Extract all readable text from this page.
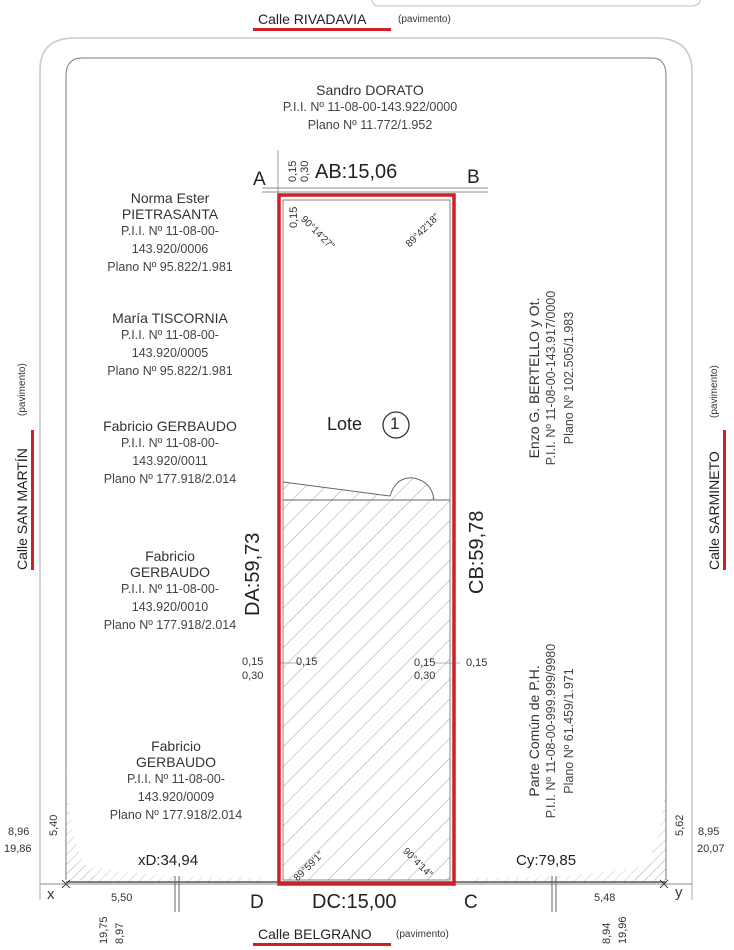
Calle RIVADAVIA	(pavimento)
Calle BELGRANO (pavimento)
Calle SAN MARTÍN
(pavimento)
Calle SARMINETO
(pavimento)
Sandro DORATO
P.I.I. Nº 11-08-00-143.922/0000
Plano Nº 11.772/1.952
Norma Ester
PIETRASANTA
P.I.I. Nº 11-08-00-
143.920/0006
Plano Nº 95.822/1.981
María TISCORNIA
P.I.I. Nº 11-08-00-
143.920/0005
Plano Nº 95.822/1.981
Fabricio GERBAUDO
P.I.I. Nº 11-08-00-
143.920/0011
Plano Nº 177.918/2.014
Fabricio
GERBAUDO
P.I.I. Nº 11-08-00-
143.920/0010
Plano Nº 177.918/2.014
Fabricio
GERBAUDO
P.I.I. Nº 11-08-00-
143.920/0009
Plano Nº 177.918/2.014
Enzo G. BERTELLO y Ot. P.I.I. Nº 11-08-00-143.917/0000 Plano Nº 102.505/1.983
Parte Común de P.H. P.I.I. Nº 11-08-00-999.999/9980 Plano Nº 61.459/1.971
Lote 1
A	B
D	C
x	y
AB:15,06
DC:15,00
DA:59,73	CB:59,78
xD:34,94	Cy:79,85
0,15 0,30
0,15
90°14'27"	89°42'18"
89°59'1"	90°4'14"
0,15	0,15
0,30
0,15	0,15
0,30
8,96
19,86
5,40	8,95
20,07
5,62
5,50	5,48
19,75 8,97	8,94 19,96
